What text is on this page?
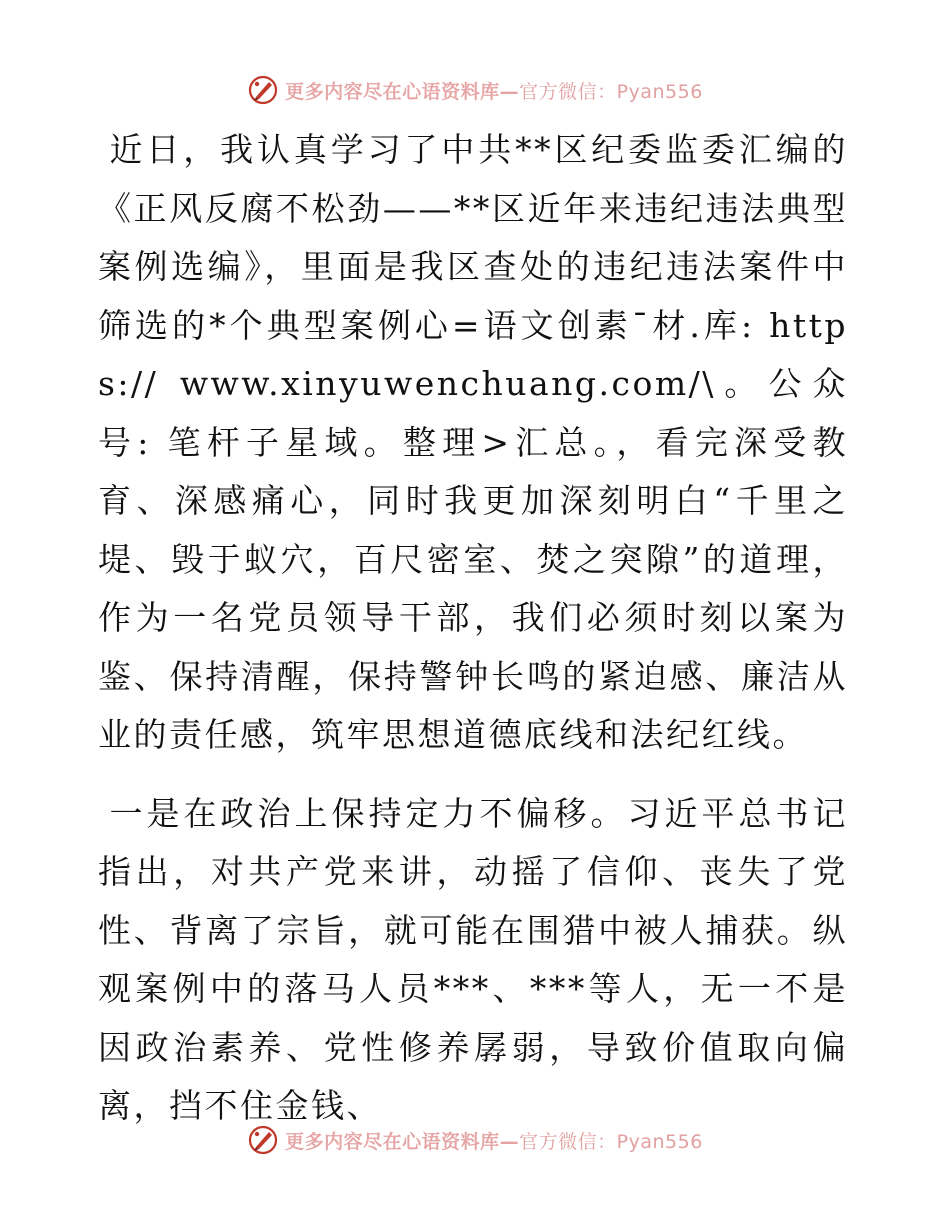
更多内容尽在心语资料库—官方微信：Pyan556

近日，我认真学习了中共**区纪委监委汇编的《正风反腐不松劲——**区近年来违纪违法典型案例选编》，里面是我区查处的违纪违法案件中筛选的*个典型案例心=语文创素¯材.库: https:// www.xinyuwenchuang.com/\。公众号: 笔杆子星域。整理>汇总。，看完深受教育、深感痛心，同时我更加深刻明白“千里之堤、毁于蚁穴，百尺密室、焚之突隙”的道理，作为一名党员领导干部，我们必须时刻以案为鉴、保持清醒，保持警钟长鸣的紧迫感、廉洁从业的责任感，筑牢思想道德底线和法纪红线。

一是在政治上保持定力不偏移。习近平总书记指出，对共产党来讲，动摇了信仰、丧失了党性、背离了宗旨，就可能在围猎中被人捕获。纵观案例中的落马人员***、***等人，无一不是因政治素养、党性修养孱弱，导致价值取向偏离，挡不住金钱、

更多内容尽在心语资料库—官方微信：Pyan556
